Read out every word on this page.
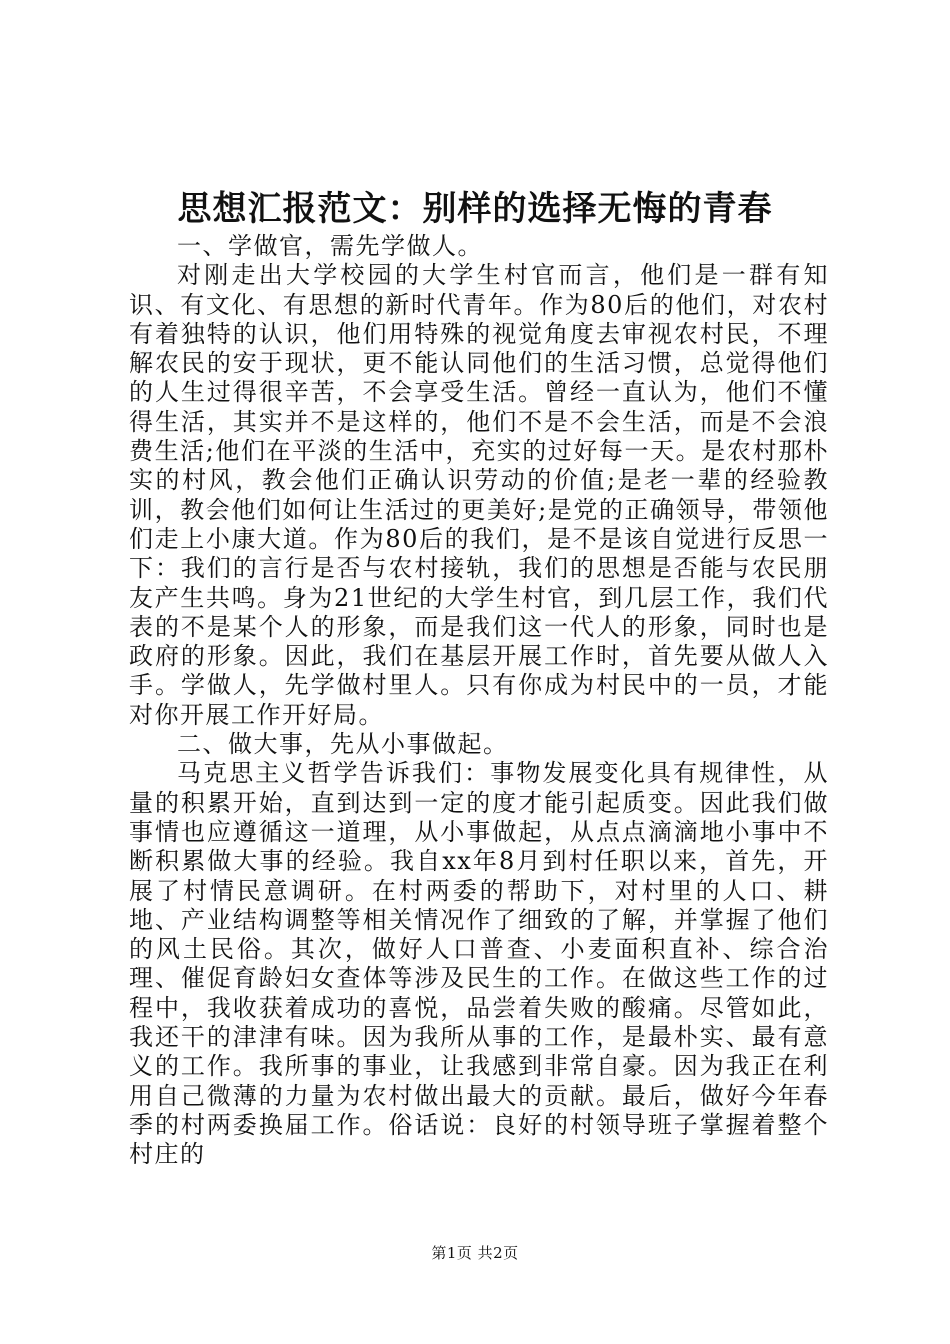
思想汇报范文：别样的选择无悔的青春

一、学做官，需先学做人。

对刚走出大学校园的大学生村官而言，他们是一群有知识、有文化、有思想的新时代青年。作为80后的他们，对农村有着独特的认识，他们用特殊的视觉角度去审视农村民，不理解农民的安于现状，更不能认同他们的生活习惯，总觉得他们的人生过得很辛苦，不会享受生活。曾经一直认为，他们不懂得生活，其实并不是这样的，他们不是不会生活，而是不会浪费生活;他们在平淡的生活中，充实的过好每一天。是农村那朴实的村风，教会他们正确认识劳动的价值;是老一辈的经验教训，教会他们如何让生活过的更美好;是党的正确领导，带领他们走上小康大道。作为80后的我们，是不是该自觉进行反思一下：我们的言行是否与农村接轨，我们的思想是否能与农民朋友产生共鸣。身为21世纪的大学生村官，到几层工作，我们代表的不是某个人的形象，而是我们这一代人的形象，同时也是政府的形象。因此，我们在基层开展工作时，首先要从做人入手。学做人，先学做村里人。只有你成为村民中的一员，才能对你开展工作开好局。

二、做大事，先从小事做起。

马克思主义哲学告诉我们：事物发展变化具有规律性，从量的积累开始，直到达到一定的度才能引起质变。因此我们做事情也应遵循这一道理，从小事做起，从点点滴滴地小事中不断积累做大事的经验。我自xx年8月到村任职以来，首先，开展了村情民意调研。在村两委的帮助下，对村里的人口、耕地、产业结构调整等相关情况作了细致的了解，并掌握了他们的风土民俗。其次，做好人口普查、小麦面积直补、综合治理、催促育龄妇女查体等涉及民生的工作。在做这些工作的过程中，我收获着成功的喜悦，品尝着失败的酸痛。尽管如此，我还干的津津有味。因为我所从事的工作，是最朴实、最有意义的工作。我所事的事业，让我感到非常自豪。因为我正在利用自己微薄的力量为农村做出最大的贡献。最后，做好今年春季的村两委换届工作。俗话说：良好的村领导班子掌握着整个村庄的

第1页 共2页
